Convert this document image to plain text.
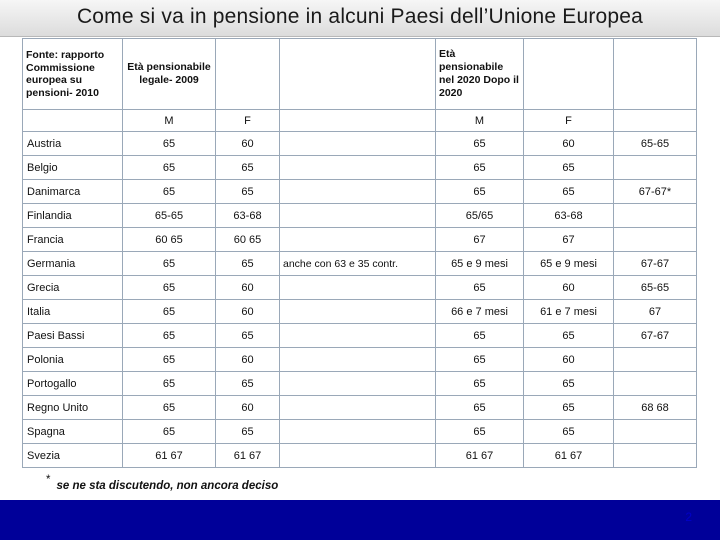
Come si va in pensione in alcuni Paesi dell’Unione Europea
Fonte: rapporto Commissione europea su pensioni- 2010	Età pensionabile legale- 2009			Età pensionabile nel 2020 Dopo il 2020		
	M	F		M	F	
Austria	65	60		65	60	65-65
Belgio	65	65		65	65	
Danimarca	65	65		65	65	67-67*
Finlandia	65-65	63-68		65/65	63-68	
Francia	60 65	60 65		67	67	
Germania	65	65	anche con 63 e 35 contr.	65 e 9 mesi	65 e 9 mesi	67-67
Grecia	65	60		65	60	65-65
Italia	65	60		66 e 7 mesi	61 e 7 mesi	67
Paesi Bassi	65	65		65	65	67-67
Polonia	65	60		65	60	
Portogallo	65	65		65	65	
Regno Unito	65	60		65	65	68 68
Spagna	65	65		65	65	
Svezia	61 67	61 67		61 67	61 67	
* se ne sta discutendo, non ancora deciso
2
